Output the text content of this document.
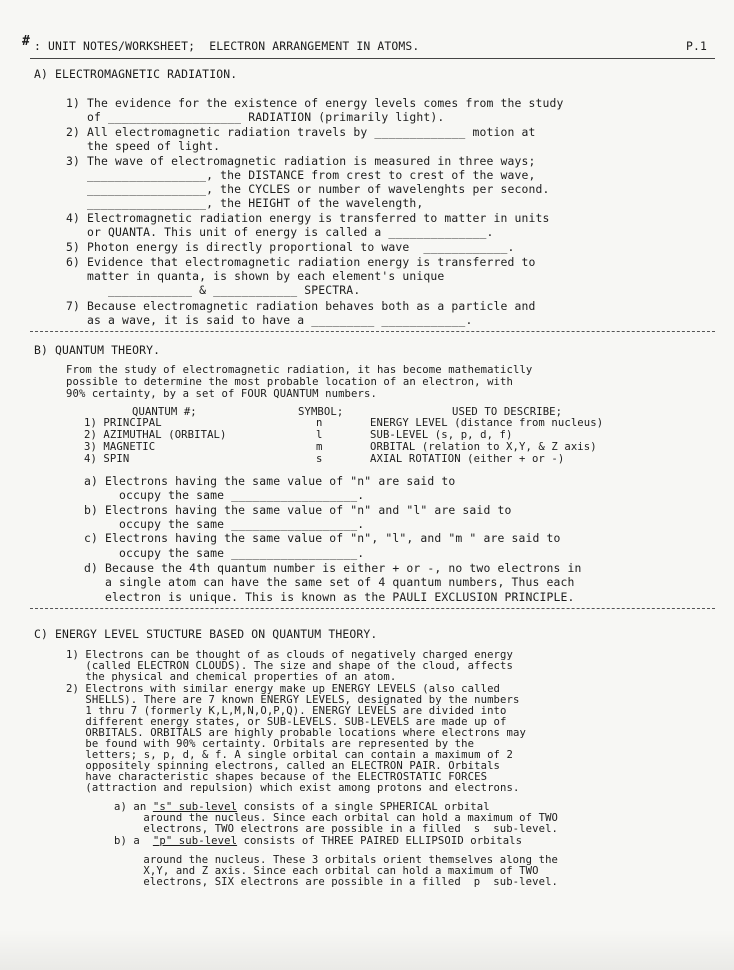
# : UNIT NOTES/WORKSHEET;  ELECTRON ARRANGEMENT IN ATOMS.	P.1
A) ELECTROMAGNETIC RADIATION.
1) The evidence for the existence of energy levels comes from the study
of ___________________ RADIATION (primarily light).
2) All electromagnetic radiation travels by _____________ motion at
the speed of light.
3) The wave of electromagnetic radiation is measured in three ways;
_________________, the DISTANCE from crest to crest of the wave,
_________________, the CYCLES or number of wavelenghts per second.
_________________, the HEIGHT of the wavelength,
4) Electromagnetic radiation energy is transferred to matter in units
or QUANTA. This unit of energy is called a ______________.
5) Photon energy is directly proportional to wave  ____________.
6) Evidence that electromagnetic radiation energy is transferred to
matter in quanta, is shown by each element's unique
____________ & ____________ SPECTRA.
7) Because electromagnetic radiation behaves both as a particle and
as a wave, it is said to have a _________ ____________.
B) QUANTUM THEORY.
From the study of electromagnetic radiation, it has become mathematiclly
possible to determine the most probable location of an electron, with
90% certainty, by a set of FOUR QUANTUM numbers.
QUANTUM #;	SYMBOL;	USED TO DESCRIBE;
1) PRINCIPAL	n	ENERGY LEVEL (distance from nucleus)
2) AZIMUTHAL (ORBITAL)	l	SUB-LEVEL (s, p, d, f)
3) MAGNETIC	m	ORBITAL (relation to X,Y, & Z axis)
4) SPIN	s	AXIAL ROTATION (either + or -)
a) Electrons having the same value of "n" are said to
occupy the same __________________.
b) Electrons having the same value of "n" and "l" are said to
occupy the same __________________.
c) Electrons having the same value of "n", "l", and "m " are said to
occupy the same __________________.
d) Because the 4th quantum number is either + or -, no two electrons in
a single atom can have the same set of 4 quantum numbers, Thus each
electron is unique. This is known as the PAULI EXCLUSION PRINCIPLE.
C) ENERGY LEVEL STUCTURE BASED ON QUANTUM THEORY.
1) Electrons can be thought of as clouds of negatively charged energy
(called ELECTRON CLOUDS). The size and shape of the cloud, affects
the physical and chemical properties of an atom.
2) Electrons with similar energy make up ENERGY LEVELS (also called
SHELLS). There are 7 known ENERGY LEVELS, designated by the numbers
1 thru 7 (formerly K,L,M,N,O,P,Q). ENERGY LEVELS are divided into
different energy states, or SUB-LEVELS. SUB-LEVELS are made up of
ORBITALS. ORBITALS are highly probable locations where electrons may
be found with 90% certainty. Orbitals are represented by the
letters; s, p, d, & f. A single orbital can contain a maximum of 2
oppositely spinning electrons, called an ELECTRON PAIR. Orbitals
have characteristic shapes because of the ELECTROSTATIC FORCES
(attraction and repulsion) which exist among protons and electrons.
a) an "s" sub-level consists of a single SPHERICAL orbital
around the nucleus. Since each orbital can hold a maximum of TWO
electrons, TWO electrons are possible in a filled  s  sub-level.
b) a  "p" sub-level consists of THREE PAIRED ELLIPSOID orbitals
around the nucleus. These 3 orbitals orient themselves along the
X,Y, and Z axis. Since each orbital can hold a maximum of TWO
electrons, SIX electrons are possible in a filled  p  sub-level.
